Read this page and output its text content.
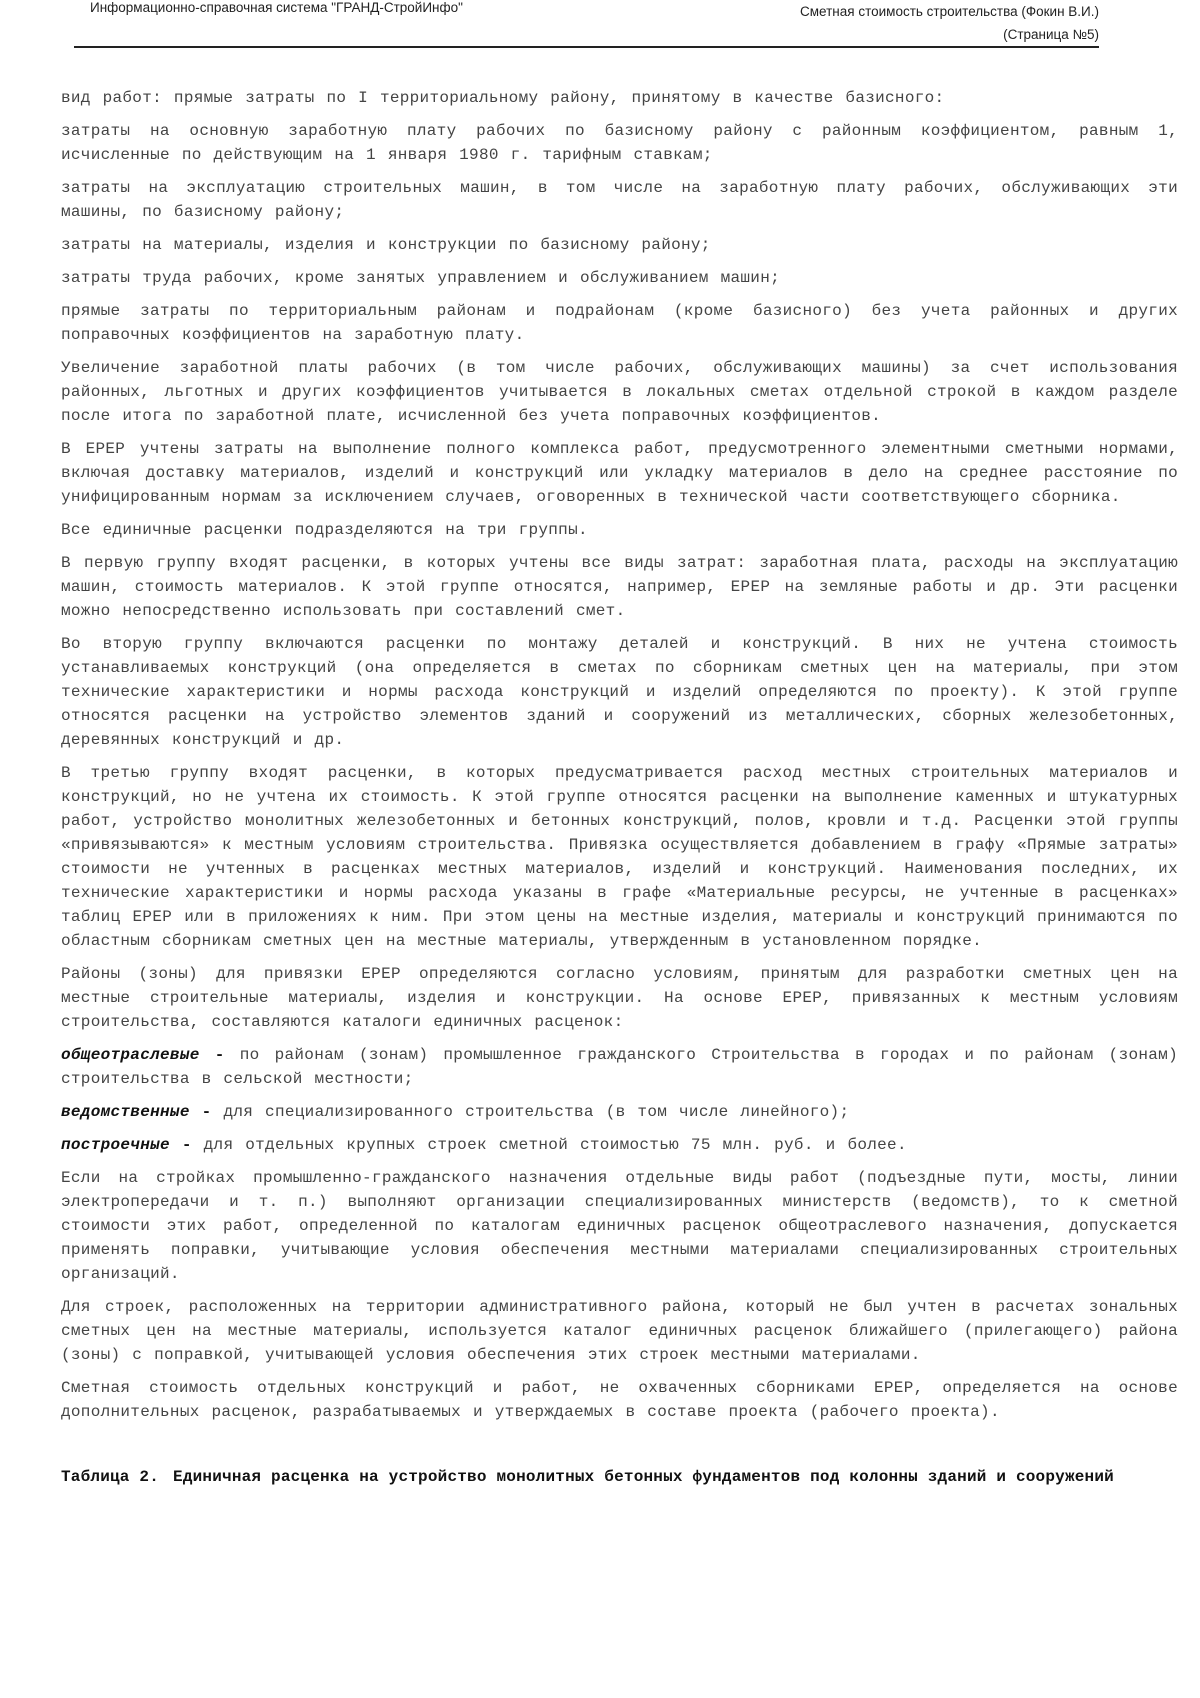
Информационно-справочная система "ГРАНД-СтройИнфо"	Сметная стоимость строительства (Фокин В.И.)
(Страница №5)

вид работ: прямые затраты по I территориальному району, принятому в качестве базисного:

затраты на основную заработную плату рабочих по базисному району с районным коэффициентом, равным 1, исчисленные по действующим на 1 января 1980 г. тарифным ставкам;

затраты на эксплуатацию строительных машин, в том числе на заработную плату рабочих, обслуживающих эти машины, по базисному району;

затраты на материалы, изделия и конструкции по базисному району;

затраты труда рабочих, кроме занятых управлением и обслуживанием машин;

прямые затраты по территориальным районам и подрайонам (кроме базисного) без учета районных и других поправочных коэффициентов на заработную плату.

Увеличение заработной платы рабочих (в том числе рабочих, обслуживающих машины) за счет использования районных, льготных и других коэффициентов учитывается в локальных сметах отдельной строкой в каждом разделе после итога по заработной плате, исчисленной без учета поправочных коэффициентов.

В ЕРЕР учтены затраты на выполнение полного комплекса работ, предусмотренного элементными сметными нормами, включая доставку материалов, изделий и конструкций или укладку материалов в дело на среднее расстояние по унифицированным нормам за исключением случаев, оговоренных в технической части соответствующего сборника.

Все единичные расценки подразделяются на три группы.

В первую группу входят расценки, в которых учтены все виды затрат: заработная плата, расходы на эксплуатацию машин, стоимость материалов. К этой группе относятся, например, ЕРЕР на земляные работы и др. Эти расценки можно непосредственно использовать при составлений смет.

Во вторую группу включаются расценки по монтажу деталей и конструкций. В них не учтена стоимость устанавливаемых конструкций (она определяется в сметах по сборникам сметных цен на материалы, при этом технические характеристики и нормы расхода конструкций и изделий определяются по проекту). К этой группе относятся расценки на устройство элементов зданий и сооружений из металлических, сборных железобетонных, деревянных конструкций и др.

В третью группу входят расценки, в которых предусматривается расход местных строительных материалов и конструкций, но не учтена их стоимость. К этой группе относятся расценки на выполнение каменных и штукатурных работ, устройство монолитных железобетонных и бетонных конструкций, полов, кровли и т.д. Расценки этой группы «привязываются» к местным условиям строительства. Привязка осуществляется добавлением в графу «Прямые затраты» стоимости не учтенных в расценках местных материалов, изделий и конструкций. Наименования последних, их технические характеристики и нормы расхода указаны в графе «Материальные ресурсы, не учтенные в расценках» таблиц ЕРЕР или в приложениях к ним. При этом цены на местные изделия, материалы и конструкций принимаются по областным сборникам сметных цен на местные материалы, утвержденным в установленном порядке.

Районы (зоны) для привязки ЕРЕР определяются согласно условиям, принятым для разработки сметных цен на местные строительные материалы, изделия и конструкции. На основе ЕРЕР, привязанных к местным условиям строительства, составляются каталоги единичных расценок:

общеотраслевые - по районам (зонам) промышленное гражданского Строительства в городах и по районам (зонам) строительства в сельской местности;

ведомственные - для специализированного строительства (в том числе линейного);

построечные - для отдельных крупных строек сметной стоимостью 75 млн. руб. и более.

Если на стройках промышленно-гражданского назначения отдельные виды работ (подъездные пути, мосты, линии электропередачи и т. п.) выполняют организации специализированных министерств (ведомств), то к сметной стоимости этих работ, определенной по каталогам единичных расценок общеотраслевого назначения, допускается применять поправки, учитывающие условия обеспечения местными материалами специализированных строительных организаций.

Для строек, расположенных на территории административного района, который не был учтен в расчетах зональных сметных цен на местные материалы, используется каталог единичных расценок ближайшего (прилегающего) района (зоны) с поправкой, учитывающей условия обеспечения этих строек местными материалами.

Сметная стоимость отдельных конструкций и работ, не охваченных сборниками ЕРЕР, определяется на основе дополнительных расценок, разрабатываемых и утверждаемых в составе проекта (рабочего проекта).

Таблица 2. Единичная расценка на устройство монолитных бетонных фундаментов под колонны зданий и сооружений
